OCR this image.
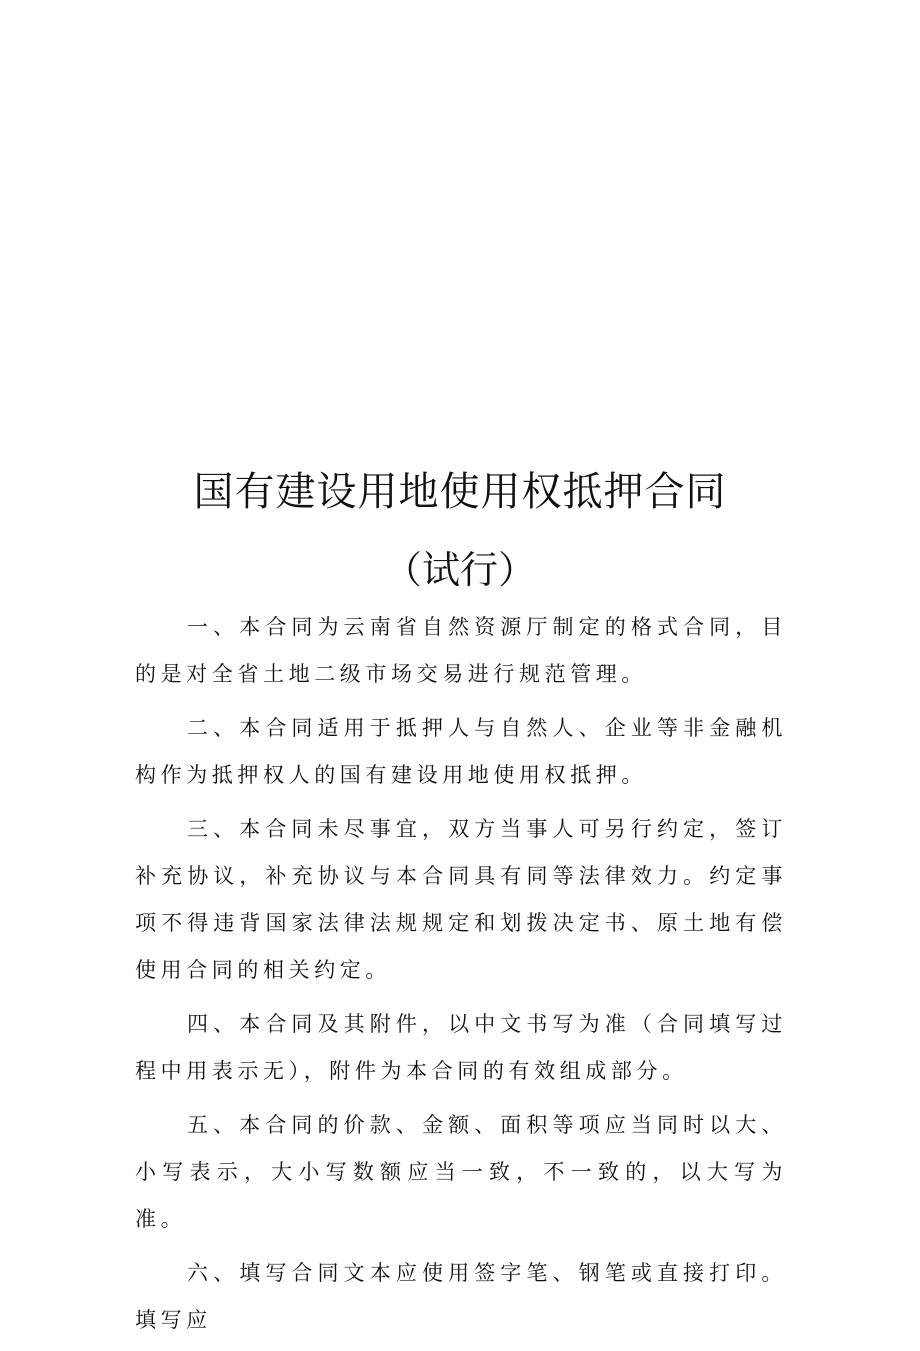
国有建设用地使用权抵押合同
（试行）

一、本合同为云南省自然资源厅制定的格式合同，目的是对全省土地二级市场交易进行规范管理。

二、本合同适用于抵押人与自然人、企业等非金融机构作为抵押权人的国有建设用地使用权抵押。

三、本合同未尽事宜，双方当事人可另行约定，签订补充协议，补充协议与本合同具有同等法律效力。约定事项不得违背国家法律法规规定和划拨决定书、原土地有偿使用合同的相关约定。

四、本合同及其附件，以中文书写为准（合同填写过程中用表示无），附件为本合同的有效组成部分。

五、本合同的价款、金额、面积等项应当同时以大、小写表示，大小写数额应当一致，不一致的，以大写为准。

六、填写合同文本应使用签字笔、钢笔或直接打印。填写应
